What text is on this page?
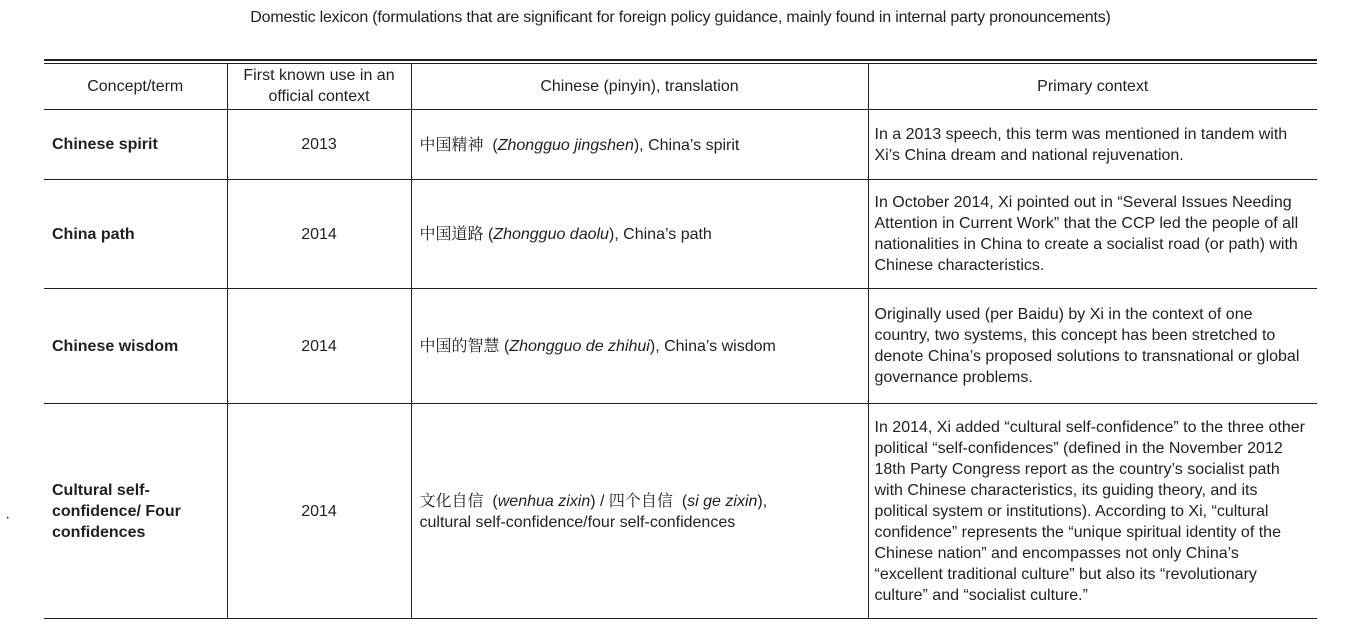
Domestic lexicon (formulations that are significant for foreign policy guidance, mainly found in internal party pronouncements)
Concept/term	First known use in an official context	Chinese (pinyin), translation	Primary context
Chinese spirit	2013	中国精神  (Zhongguo jingshen), China’s spirit	In a 2013 speech, this term was mentioned in tandem with Xi’s China dream and national rejuvenation.
China path	2014	中国道路 (Zhongguo daolu), China’s path	In October 2014, Xi pointed out in “Several Issues Needing Attention in Current Work” that the CCP led the people of all nationalities in China to create a socialist road (or path) with Chinese characteristics.
Chinese wisdom	2014	中国的智慧 (Zhongguo de zhihui), China’s wisdom	Originally used (per Baidu) by Xi in the context of one country, two systems, this concept has been stretched to denote China’s proposed solutions to transnational or global governance problems.
Cultural self-confidence/ Four confidences	2014	文化自信  (wenhua zixin) / 四个自信  (si ge zixin),
cultural self-confidence/four self-confidences	In 2014, Xi added “cultural self-confidence” to the three other political “self-confidences” (defined in the November 2012 18th Party Congress report as the country’s socialist path with Chinese characteristics, its guiding theory, and its political system or institutions). According to Xi, “cultural confidence” represents the “unique spiritual identity of the Chinese nation” and encompasses not only China’s “excellent traditional culture” but also its “revolutionary culture” and “socialist culture.”
·
